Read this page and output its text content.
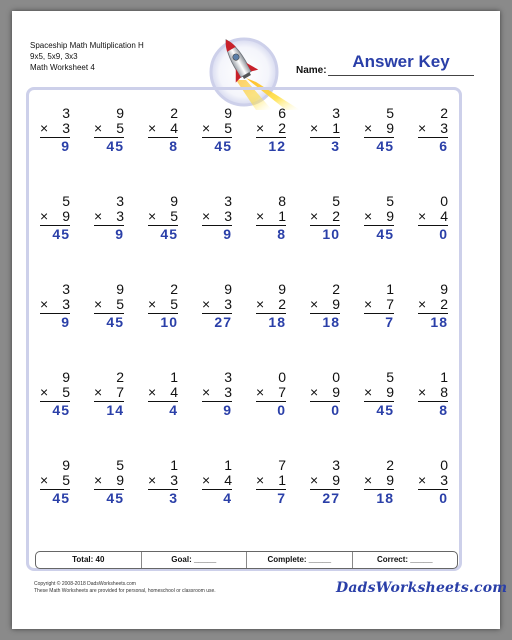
Spaceship Math Multiplication H
9x5, 5x9, 3x3
Math Worksheet 4	Name:	Answer Key
3
× 3
9
9
× 5
45
2
× 4
8
9
× 5
45
6
× 2
12
3
× 1
3
5
× 9
45
2
× 3
6
5
× 9
45
3
× 3
9
9
× 5
45
3
× 3
9
8
× 1
8
5
× 2
10
5
× 9
45
0
× 4
0
3
× 3
9
9
× 5
45
2
× 5
10
9
× 3
27
9
× 2
18
2
× 9
18
1
× 7
7
9
× 2
18
9
× 5
45
2
× 7
14
1
× 4
4
3
× 3
9
0
× 7
0
0
× 9
0
5
× 9
45
1
× 8
8
9
× 5
45
5
× 9
45
1
× 3
3
1
× 4
4
7
× 1
7
3
× 9
27
2
× 9
18
0
× 3
0
Total: 40	Goal: _____	Complete: _____	Correct: _____
Copyright © 2008-2018 DadsWorksheets.com
These Math Worksheets are provided for personal, homeschool or classroom use.	DadsWorksheets.com
